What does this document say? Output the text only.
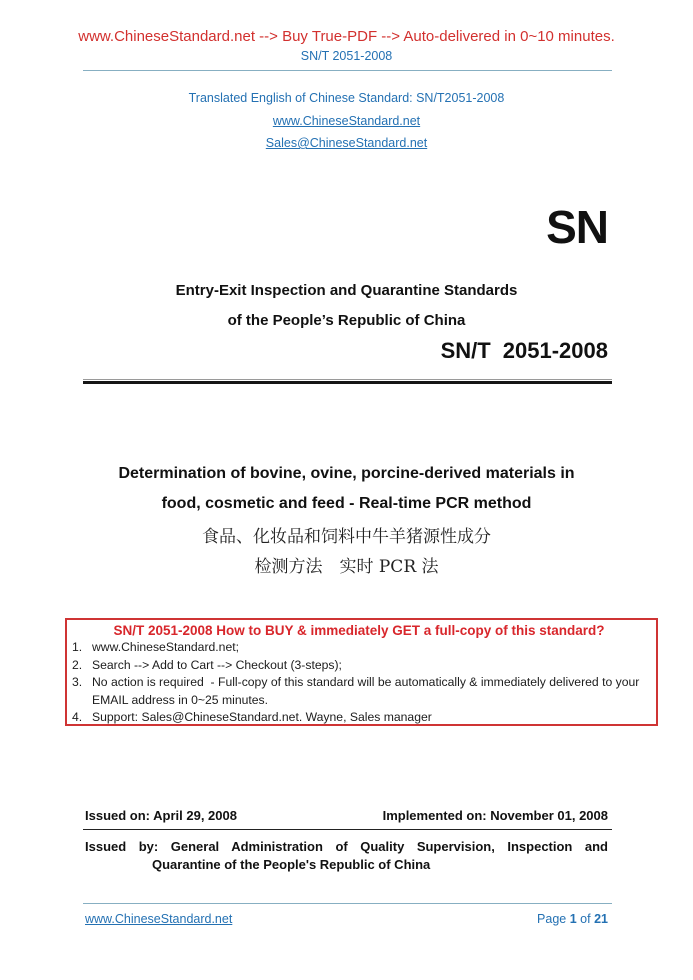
www.ChineseStandard.net --> Buy True-PDF --> Auto-delivered in 0~10 minutes.
SN/T 2051-2008
Translated English of Chinese Standard: SN/T2051-2008
www.ChineseStandard.net
Sales@ChineseStandard.net
SN
Entry-Exit Inspection and Quarantine Standards
of the People’s Republic of China
SN/T 2051-2008
Determination of bovine, ovine, porcine-derived materials in
food, cosmetic and feed - Real-time PCR method
食品、化妆品和饲料中牛羊猪源性成分
检测方法　实时 PCR 法
SN/T 2051-2008 How to BUY & immediately GET a full-copy of this standard?
1. www.ChineseStandard.net;
2. Search --> Add to Cart --> Checkout (3-steps);
3. No action is required  - Full-copy of this standard will be automatically & immediately delivered to your EMAIL address in 0~25 minutes.
4. Support: Sales@ChineseStandard.net. Wayne, Sales manager
Issued on: April 29, 2008	Implemented on: November 01, 2008
Issued by: General Administration of Quality Supervision, Inspection and
Quarantine of the People's Republic of China
www.ChineseStandard.net	Page 1 of 21
